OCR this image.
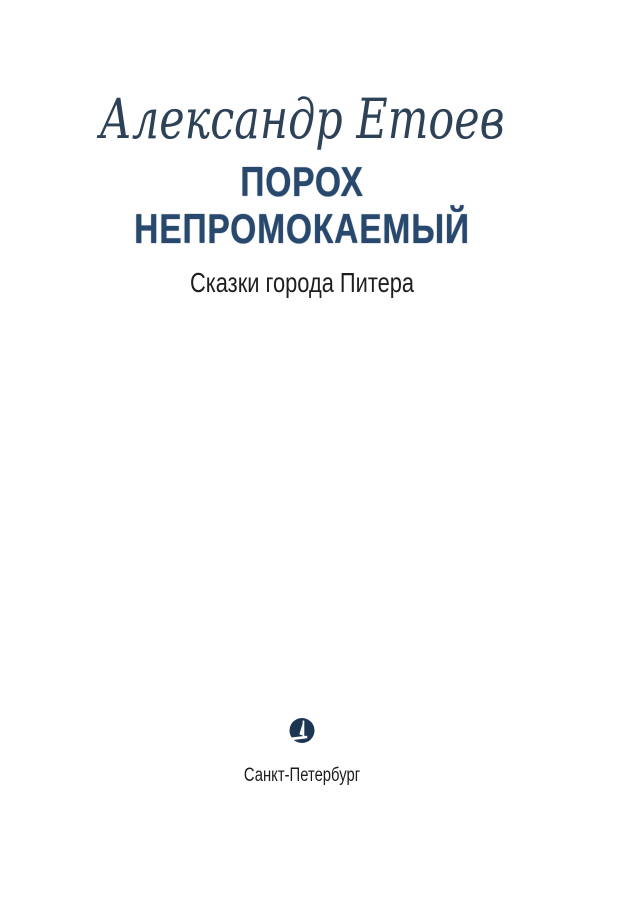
Александр Етоев
ПОРОХ
НЕПРОМОКАЕМЫЙ
Сказки города Питера
Санкт-Петербург
